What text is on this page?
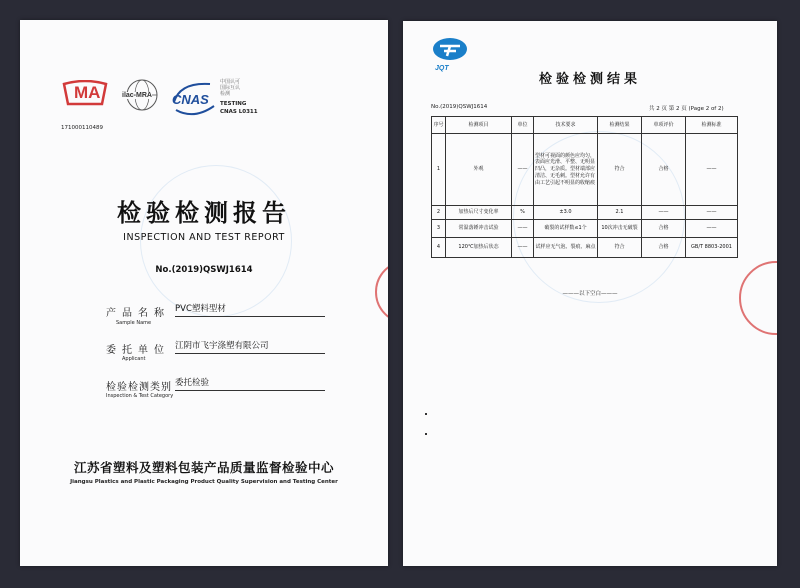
MA
171000110489
ilac-MRA CNAS
中国认可
国际互认
检测
TESTING
CNAS L0311
检验检测报告
INSPECTION AND TEST REPORT
No.(2019)QSWJ1614
产品名称
Sample Name
PVC塑料型材
委托单位
Applicant
江阴市飞宇涤塑有限公司
检验检测类别
Inspection & Test Category
委托检验
江苏省塑料及塑料包装产品质量监督检验中心
Jiangsu Plastics and Plastic Packaging Product Quality Supervision and Testing Center
JQT
检验检测结果
No.(2019)QSWJ1614	共 2 页 第 2 页 (Page 2 of 2)
序号	检测项目	单位	技术要求	检测结果	单项评价	检测标准
1	外观	——	型材可视面的颜色应均匀，表面应光滑、平整、无明显凹凸，无杂质。型材端部应清洁、无毛刺。型材允许有由工艺引起不明显的收缩痕	符合	合格	——
2	加热后尺寸变化率	%	±3.0	2.1	——	——
3	常温落锤冲击试验	——	破裂的试样数≤1个	10次冲击无破裂	合格	——
4	120℃加热后状态	——	试样应无气泡、裂痕、麻点	符合	合格	GB/T 8803-2001
———以下空白———
